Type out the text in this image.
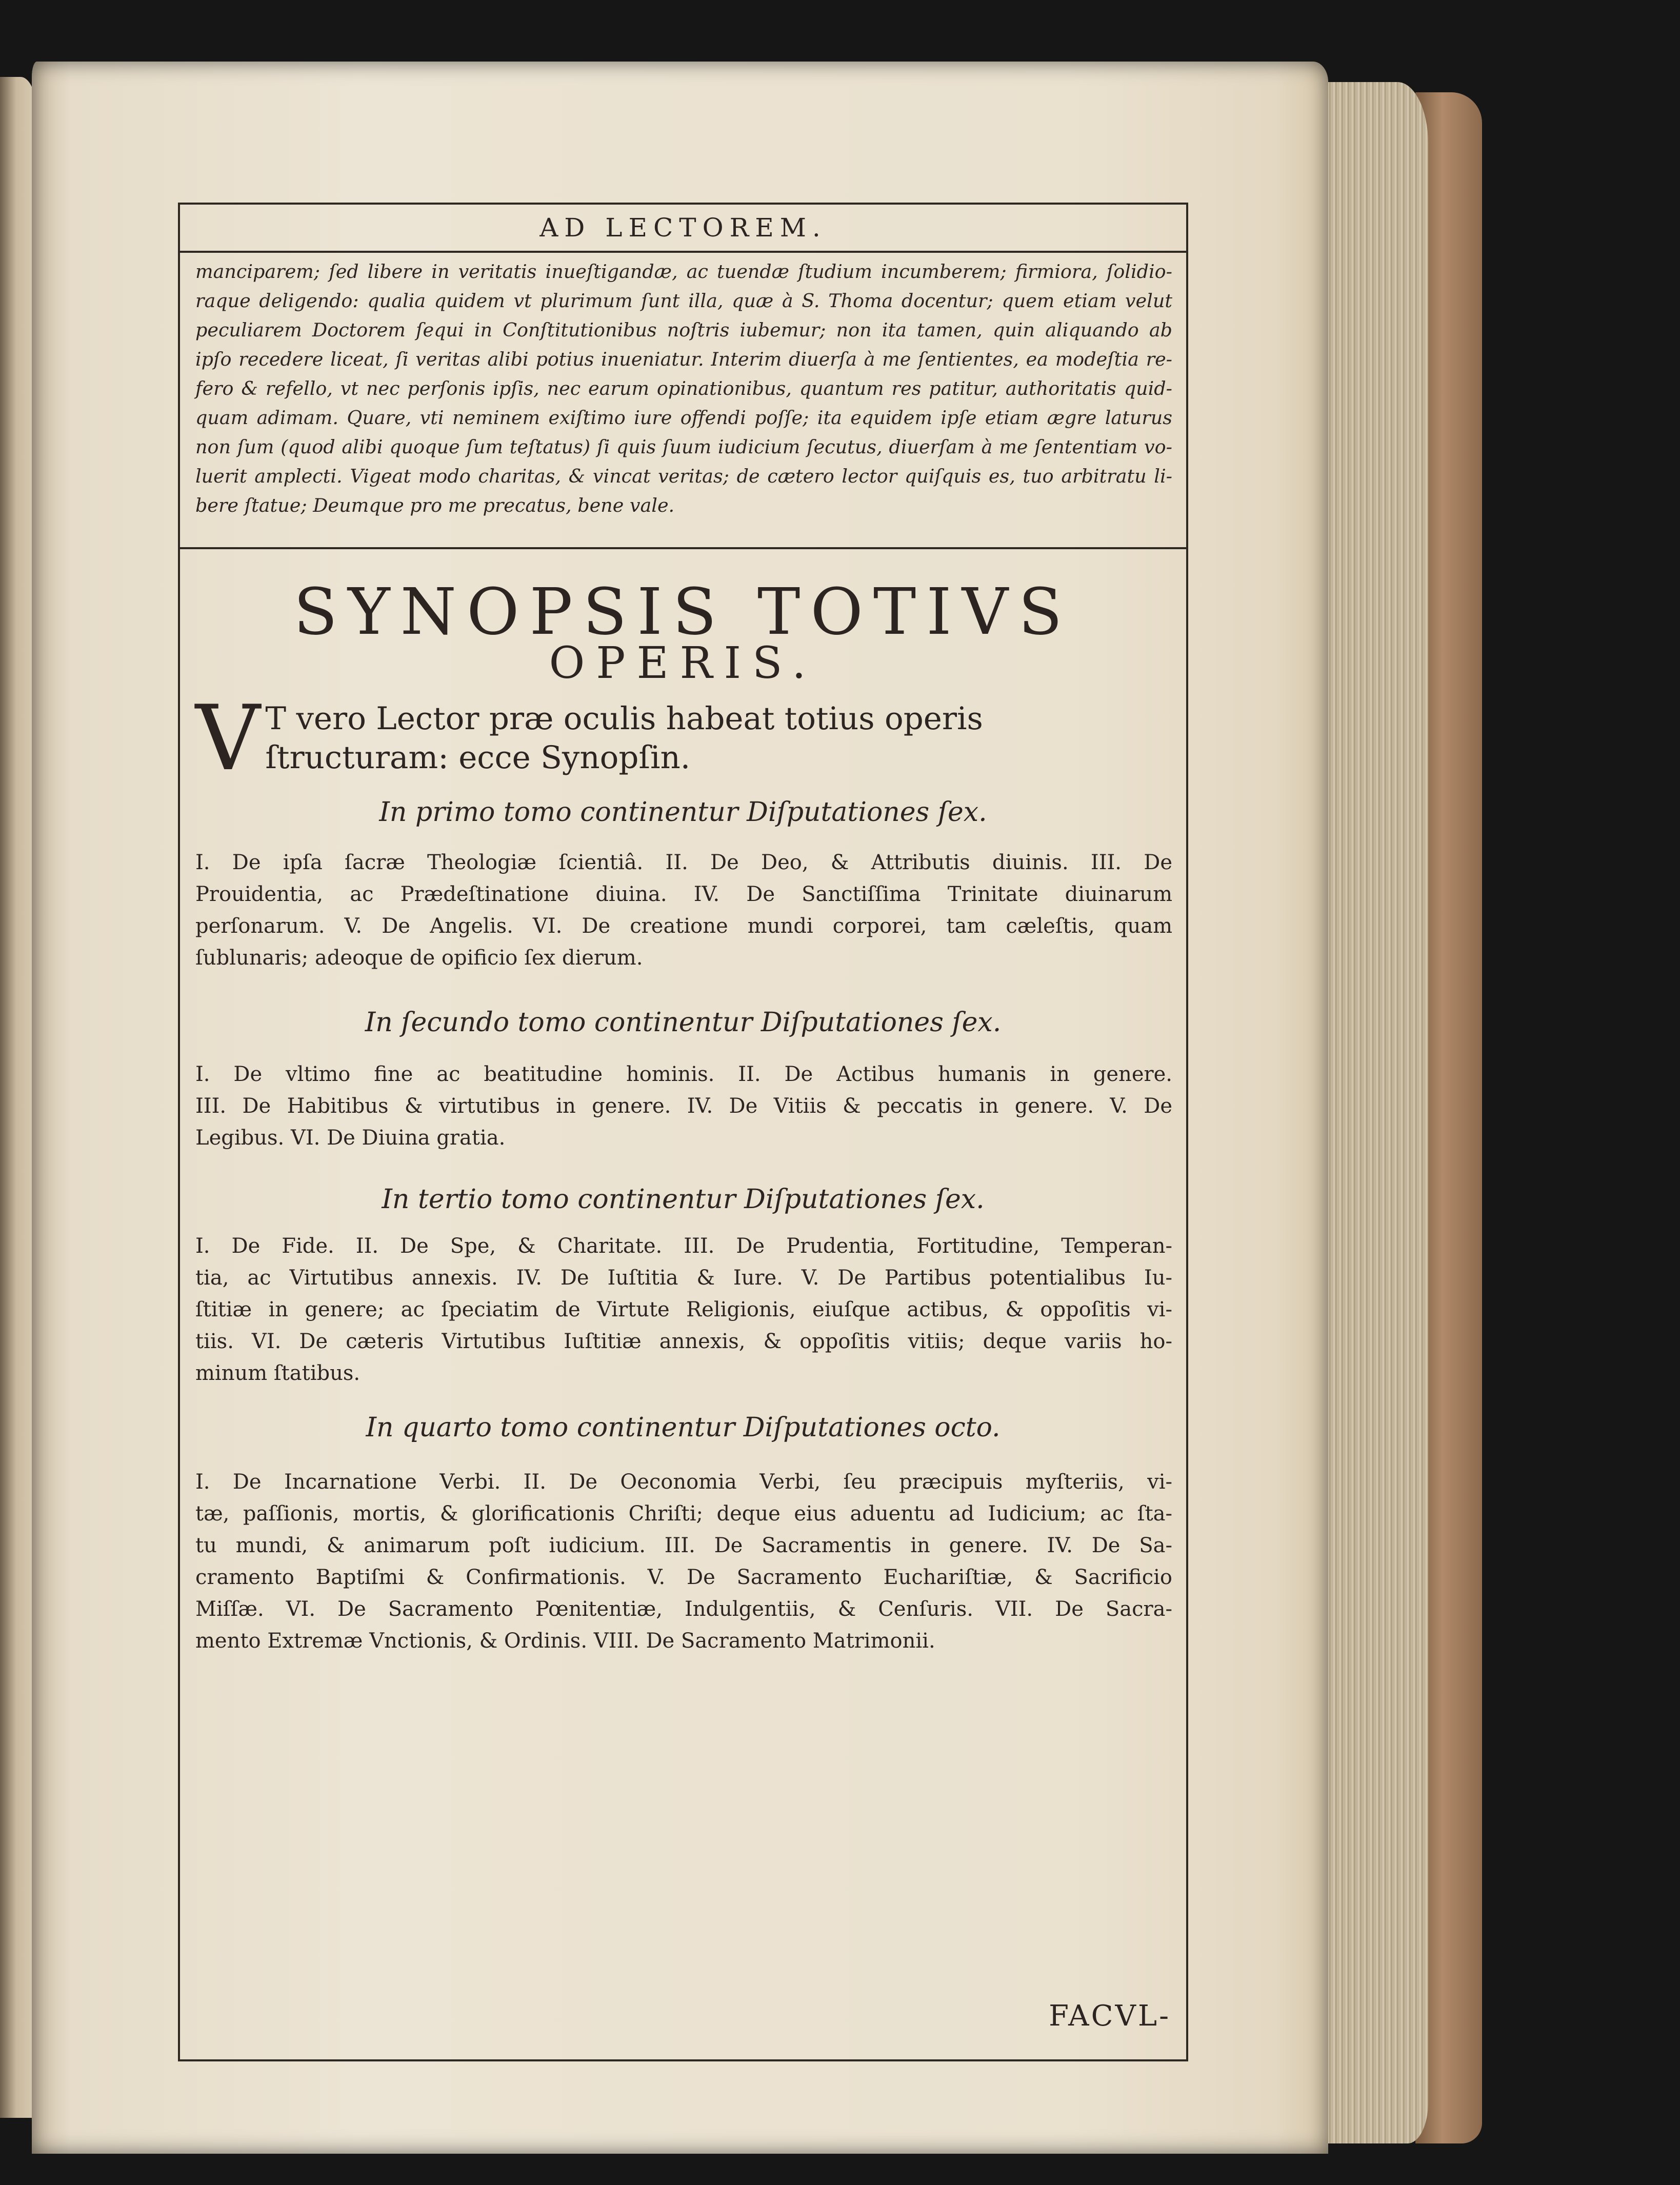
AD LECTOREM.
manciparem; ſed libere in veritatis inueſtigandæ, ac tuendæ ſtudium incumberem; firmiora, ſolidio-
raque deligendo: qualia quidem vt plurimum ſunt illa, quæ à S. Thoma docentur; quem etiam velut
peculiarem Doctorem ſequi in Conſtitutionibus noſtris iubemur; non ita tamen, quin aliquando ab
ipſo recedere liceat, ſi veritas alibi potius inueniatur. Interim diuerſa à me ſentientes, ea modeſtia re-
fero & refello, vt nec perſonis ipſis, nec earum opinationibus, quantum res patitur, authoritatis quid-
quam adimam. Quare, vti neminem exiſtimo iure offendi poſſe; ita equidem ipſe etiam ægre laturus
non ſum (quod alibi quoque ſum teſtatus) ſi quis ſuum iudicium ſecutus, diuerſam à me ſententiam vo-
luerit amplecti. Vigeat modo charitas, & vincat veritas; de cætero lector quiſquis es, tuo arbitratu li-
bere ſtatue; Deumque pro me precatus, bene vale.
SYNOPSIS TOTIVS
OPERIS.
V T vero Lector præ oculis habeat totius operis ſtructuram: ecce Synopſin.
In primo tomo continentur Diſputationes ſex.
I. De ipſa ſacræ Theologiæ ſcientiâ. II. De Deo, & Attributis diuinis. III. De
Prouidentia, ac Prædeſtinatione diuina. IV. De Sanctiſſima Trinitate diuinarum
perſonarum. V. De Angelis. VI. De creatione mundi corporei, tam cæleſtis, quam
ſublunaris; adeoque de opificio ſex dierum.
In ſecundo tomo continentur Diſputationes ſex.
I. De vltimo fine ac beatitudine hominis. II. De Actibus humanis in genere.
III. De Habitibus & virtutibus in genere. IV. De Vitiis & peccatis in genere. V. De
Legibus. VI. De Diuina gratia.
In tertio tomo continentur Diſputationes ſex.
I. De Fide. II. De Spe, & Charitate. III. De Prudentia, Fortitudine, Temperan-
tia, ac Virtutibus annexis. IV. De Iuſtitia & Iure. V. De Partibus potentialibus Iu-
ſtitiæ in genere; ac ſpeciatim de Virtute Religionis, eiuſque actibus, & oppoſitis vi-
tiis. VI. De cæteris Virtutibus Iuſtitiæ annexis, & oppoſitis vitiis; deque variis ho-
minum ſtatibus.
In quarto tomo continentur Diſputationes octo.
I. De Incarnatione Verbi. II. De Oeconomia Verbi, ſeu præcipuis myſteriis, vi-
tæ, paſſionis, mortis, & glorificationis Chriſti; deque eius aduentu ad Iudicium; ac ſta-
tu mundi, & animarum poſt iudicium. III. De Sacramentis in genere. IV. De Sa-
cramento Baptiſmi & Confirmationis. V. De Sacramento Euchariſtiæ, & Sacrificio
Miſſæ. VI. De Sacramento Pœnitentiæ, Indulgentiis, & Cenſuris. VII. De Sacra-
mento Extremæ Vnctionis, & Ordinis. VIII. De Sacramento Matrimonii.
FACVL-
